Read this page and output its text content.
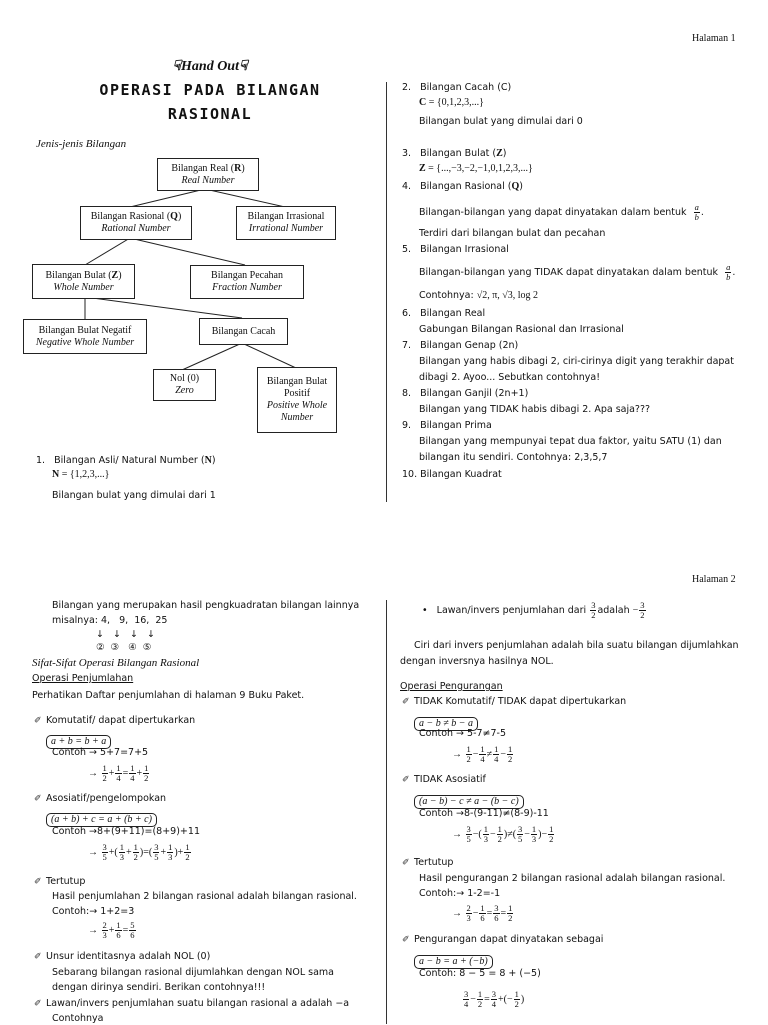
Halaman 1
☟Hand Out☟
OPERASI PADA BILANGAN
RASIONAL
Jenis-jenis Bilangan
Bilangan Real (R)
Real Number
Bilangan Rasional (Q)
Rational Number
Bilangan Irrasional
Irrational Number
Bilangan Bulat (Z)
Whole Number
Bilangan Pecahan
Fraction Number
Bilangan Bulat Negatif
Negative Whole Number
Bilangan Cacah
Nol (0)
Zero
Bilangan Bulat
Positif
Positive Whole
Number
1.   Bilangan Asli/ Natural Number (N)
N = {1,2,3,...}
Bilangan bulat yang dimulai dari 1
2.   Bilangan Cacah (C)
C = {0,1,2,3,...}
Bilangan bulat yang dimulai dari 0
3.   Bilangan Bulat (Z)
Z = {...,−3,−2,−1,0,1,2,3,...}
4.   Bilangan Rasional (Q)
Bilangan-bilangan yang dapat dinyatakan dalam bentuk $\frac{a}{b}$ .
Terdiri dari bilangan bulat dan pecahan
5.   Bilangan Irrasional
Bilangan-bilangan yang TIDAK dapat dinyatakan dalam bentuk $\frac{a}{b}$ .
Contohnya: √2, π, √3, log 2
6.   Bilangan Real
Gabungan Bilangan Rasional dan Irrasional
7.   Bilangan Genap (2n)
Bilangan yang habis dibagi 2, ciri-cirinya digit yang terakhir dapat
dibagi 2. Ayoo... Sebutkan contohnya!
8.   Bilangan Ganjil (2n+1)
Bilangan yang TIDAK habis dibagi 2. Apa saja???
9.   Bilangan Prima
Bilangan yang mempunyai tepat dua faktor, yaitu SATU (1) dan
bilangan itu sendiri. Contohnya: 2,3,5,7
10. Bilangan Kuadrat
Halaman 2
Bilangan yang merupakan hasil pengkuadratan bilangan lainnya
misalnya: 4,   9,  16,  25
↓   ↓   ↓   ↓
②  ③   ④  ⑤
Sifat-Sifat Operasi Bilangan Rasional
Operasi Penjumlahan
Perhatikan Daftar penjumlahan di halaman 9 Buku Paket.
✐ Komutatif/ dapat dipertukarkan
a + b = b + a
Contoh → 5+7=7+5
→ $\frac{1}{2} + \frac{1}{4} = \frac{1}{4} + \frac{1}{2}$
✐ Asosiatif/pengelompokan
(a + b) + c = a + (b + c)
Contoh →8+(9+11)=(8+9)+11
→ $\frac{3}{5}$ +( $\frac{1}{3} + \frac{1}{2}$ )=( $\frac{3}{5} + \frac{1}{3}$ )+ $\frac{1}{2}$
✐ Tertutup
Hasil penjumlahan 2 bilangan rasional adalah bilangan rasional.
Contoh:→ 1+2=3
→ $\frac{2}{3} + \frac{1}{6} = \frac{5}{6}$
✐ Unsur identitasnya adalah NOL (0)
Sebarang bilangan rasional dijumlahkan dengan NOL sama
dengan dirinya sendiri. Berikan contohnya!!!
✐ Lawan/invers penjumlahan suatu bilangan rasional a adalah −a
Contohnya
• Lawan/invers penjumlahan dari $\frac{3}{2}$ adalah − $\frac{3}{2}$
Ciri dari invers penjumlahan adalah bila suatu bilangan dijumlahkan
dengan inversnya hasilnya NOL.
Operasi Pengurangan
✐ TIDAK Komutatif/ TIDAK dapat dipertukarkan
a − b ≠ b − a
Contoh → 5-7≠7-5
→ $\frac{1}{2} - \frac{1}{4} \ne \frac{1}{4} - \frac{1}{2}$
✐ TIDAK Asosiatif
(a − b) − c ≠ a − (b − c)
Contoh →8-(9-11)≠(8-9)-11
→ $\frac{3}{5}$ −( $\frac{1}{3} - \frac{1}{2}$ )≠( $\frac{3}{5} - \frac{1}{3}$ )− $\frac{1}{2}$
✐ Tertutup
Hasil pengurangan 2 bilangan rasional adalah bilangan rasional.
Contoh:→ 1-2=-1
→ $\frac{2}{3} - \frac{1}{6} = \frac{3}{6} = \frac{1}{2}$
✐ Pengurangan dapat dinyatakan sebagai
a − b = a + (−b)
Contoh: 8 − 5 = 8 + (−5)
$\frac{3}{4} - \frac{1}{2} = \frac{3}{4}$ +(− $\frac{1}{2}$ )
